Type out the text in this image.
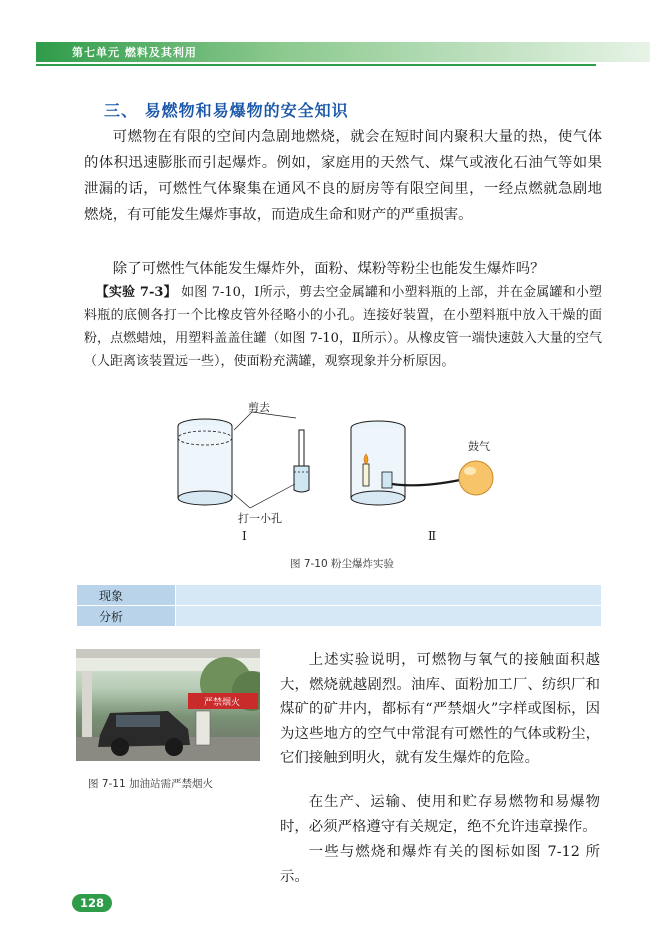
第七单元 燃料及其利用
三、 易燃物和易爆物的安全知识
可燃物在有限的空间内急剧地燃烧，就会在短时间内聚积大量的热，使气体的体积迅速膨胀而引起爆炸。例如，家庭用的天然气、煤气或液化石油气等如果泄漏的话，可燃性气体聚集在通风不良的厨房等有限空间里，一经点燃就急剧地燃烧，有可能发生爆炸事故，而造成生命和财产的严重损害。
除了可燃性气体能发生爆炸外，面粉、煤粉等粉尘也能发生爆炸吗？
【实验 7-3】 如图 7-10，Ⅰ所示，剪去空金属罐和小塑料瓶的上部，并在金属罐和小塑料瓶的底侧各打一个比橡皮管外径略小的小孔。连接好装置，在小塑料瓶中放入干燥的面粉，点燃蜡烛，用塑料盖盖住罐（如图 7-10，Ⅱ所示）。从橡皮管一端快速鼓入大量的空气（人距离该装置远一些），使面粉充满罐，观察现象并分析原因。
剪去
打一小孔
Ⅰ
鼓气
Ⅱ
图 7-10 粉尘爆炸实验
现象	
分析	
严禁烟火
图 7-11 加油站需严禁烟火
上述实验说明，可燃物与氧气的接触面积越大，燃烧就越剧烈。油库、面粉加工厂、纺织厂和煤矿的矿井内，都标有“严禁烟火”字样或图标，因为这些地方的空气中常混有可燃性的气体或粉尘，它们接触到明火，就有发生爆炸的危险。
在生产、运输、使用和贮存易燃物和易爆物时，必须严格遵守有关规定，绝不允许违章操作。
一些与燃烧和爆炸有关的图标如图 7-12 所示。
128
